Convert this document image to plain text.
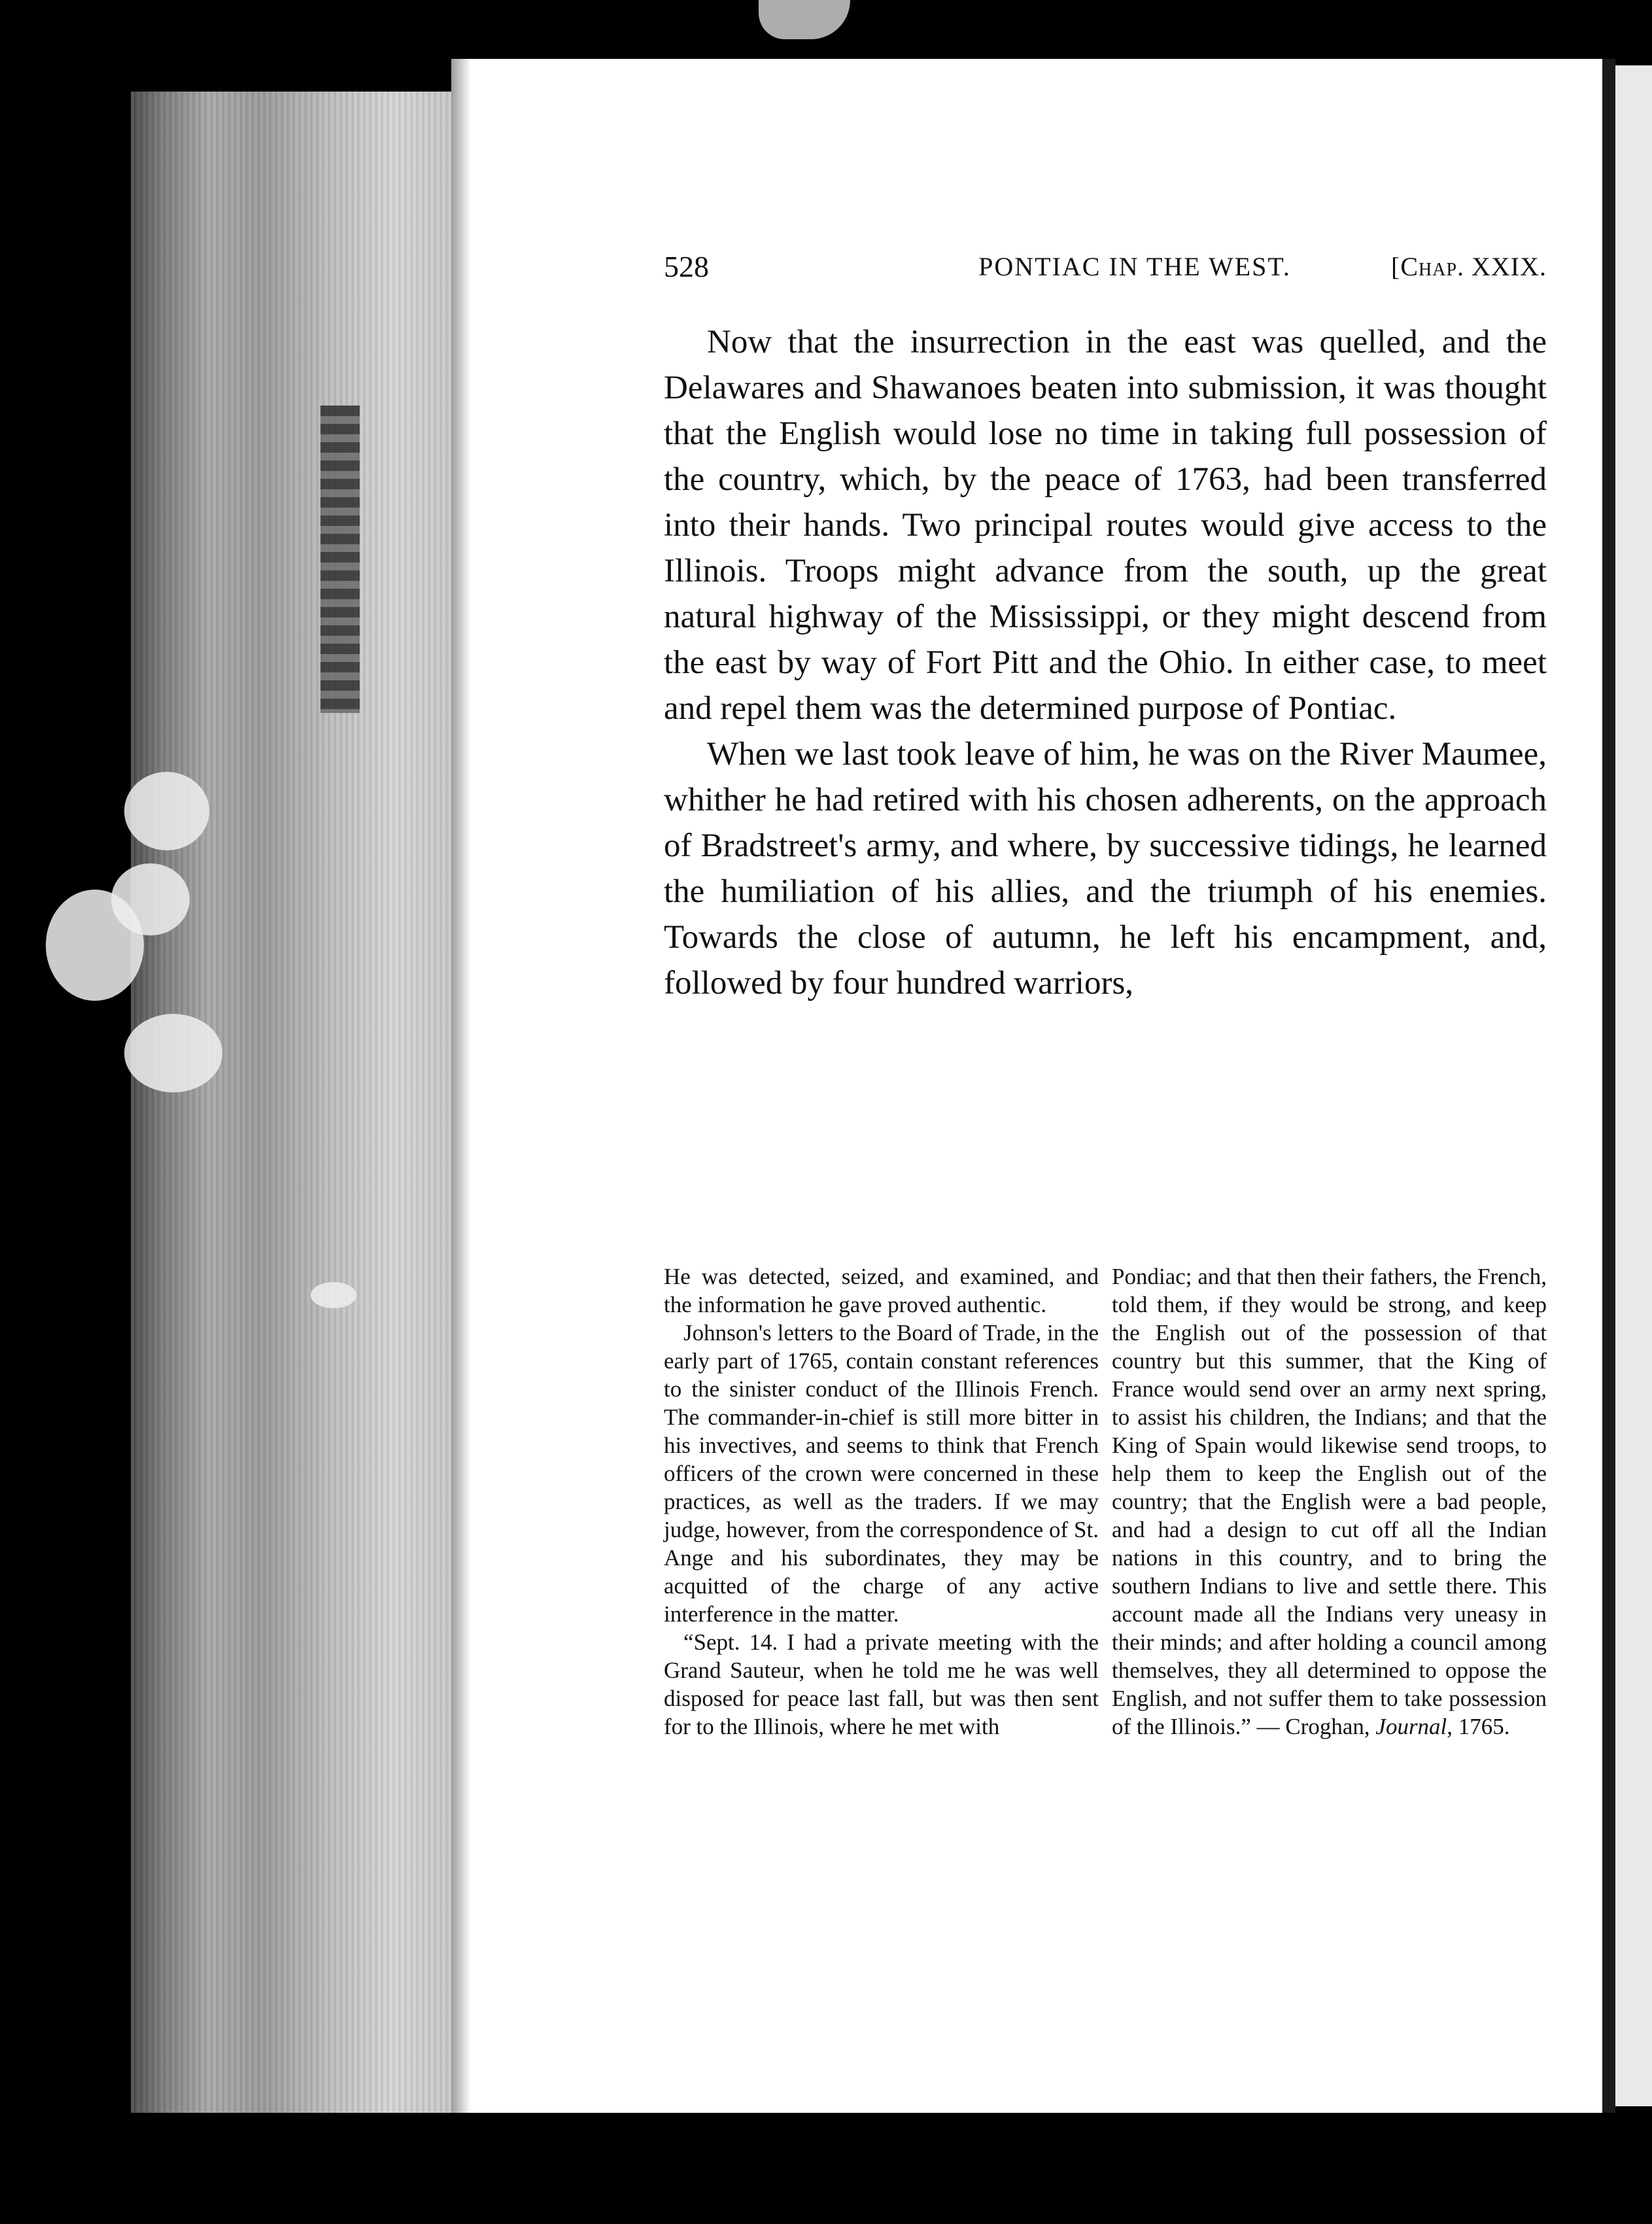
528	PONTIAC IN THE WEST.	[Chap. XXIX.

Now that the insurrection in the east was quelled, and the Delawares and Shawanoes beaten into submission, it was thought that the English would lose no time in taking full possession of the country, which, by the peace of 1763, had been transferred into their hands. Two principal routes would give access to the Illinois. Troops might advance from the south, up the great natural highway of the Mississippi, or they might descend from the east by way of Fort Pitt and the Ohio. In either case, to meet and repel them was the determined purpose of Pontiac.

When we last took leave of him, he was on the River Maumee, whither he had retired with his chosen adherents, on the approach of Bradstreet's army, and where, by successive tidings, he learned the humiliation of his allies, and the triumph of his enemies. Towards the close of autumn, he left his encampment, and, followed by four hundred warriors,

He was detected, seized, and examined, and the information he gave proved authentic.

Johnson's letters to the Board of Trade, in the early part of 1765, contain constant references to the sinister conduct of the Illinois French. The commander-in-chief is still more bitter in his invectives, and seems to think that French officers of the crown were concerned in these practices, as well as the traders. If we may judge, however, from the correspondence of St. Ange and his subordinates, they may be acquitted of the charge of any active interference in the matter.

“Sept. 14. I had a private meeting with the Grand Sauteur, when he told me he was well disposed for peace last fall, but was then sent for to the Illinois, where he met with

Pondiac; and that then their fathers, the French, told them, if they would be strong, and keep the English out of the possession of that country but this summer, that the King of France would send over an army next spring, to assist his children, the Indians; and that the King of Spain would likewise send troops, to help them to keep the English out of the country; that the English were a bad people, and had a design to cut off all the Indian nations in this country, and to bring the southern Indians to live and settle there. This account made all the Indians very uneasy in their minds; and after holding a council among themselves, they all determined to oppose the English, and not suffer them to take possession of the Illinois.” — Croghan, Journal, 1765.
